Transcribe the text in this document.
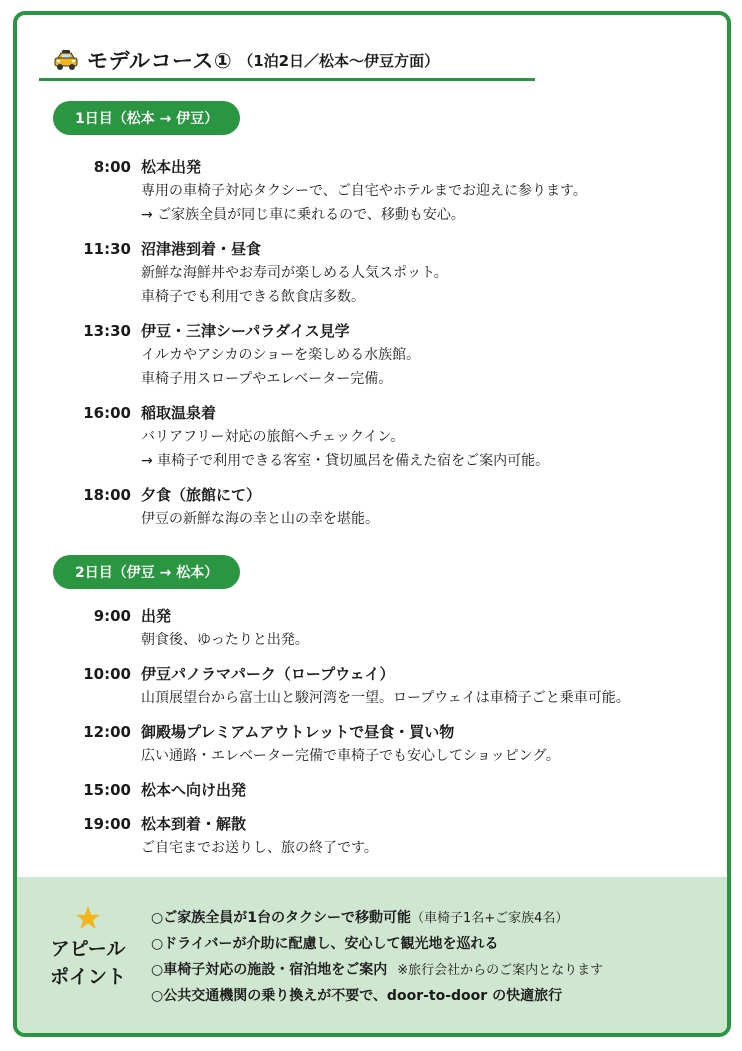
モデルコース① （1泊2日／松本〜伊豆方面）
1日目（松本 → 伊豆）
8:00 松本出発
専用の車椅子対応タクシーで、ご自宅やホテルまでお迎えに参ります。
→ ご家族全員が同じ車に乗れるので、移動も安心。
11:30 沼津港到着・昼食
新鮮な海鮮丼やお寿司が楽しめる人気スポット。
車椅子でも利用できる飲食店多数。
13:30 伊豆・三津シーパラダイス見学
イルカやアシカのショーを楽しめる水族館。
車椅子用スロープやエレベーター完備。
16:00 稲取温泉着
バリアフリー対応の旅館へチェックイン。
→ 車椅子で利用できる客室・貸切風呂を備えた宿をご案内可能。
18:00 夕食（旅館にて）
伊豆の新鮮な海の幸と山の幸を堪能。
2日目（伊豆 → 松本）
9:00 出発
朝食後、ゆったりと出発。
10:00 伊豆パノラマパーク（ロープウェイ）
山頂展望台から富士山と駿河湾を一望。ロープウェイは車椅子ごと乗車可能。
12:00 御殿場プレミアムアウトレットで昼食・買い物
広い通路・エレベーター完備で車椅子でも安心してショッピング。
15:00 松本へ向け出発
19:00 松本到着・解散
ご自宅までお送りし、旅の終了です。
アピール
ポイント
○ご家族全員が1台のタクシーで移動可能（車椅子1名+ご家族4名）
○ドライバーが介助に配慮し、安心して観光地を巡れる
○車椅子対応の施設・宿泊地をご案内 ※旅行会社からのご案内となります
○公共交通機関の乗り換えが不要で、door-to-door の快適旅行
